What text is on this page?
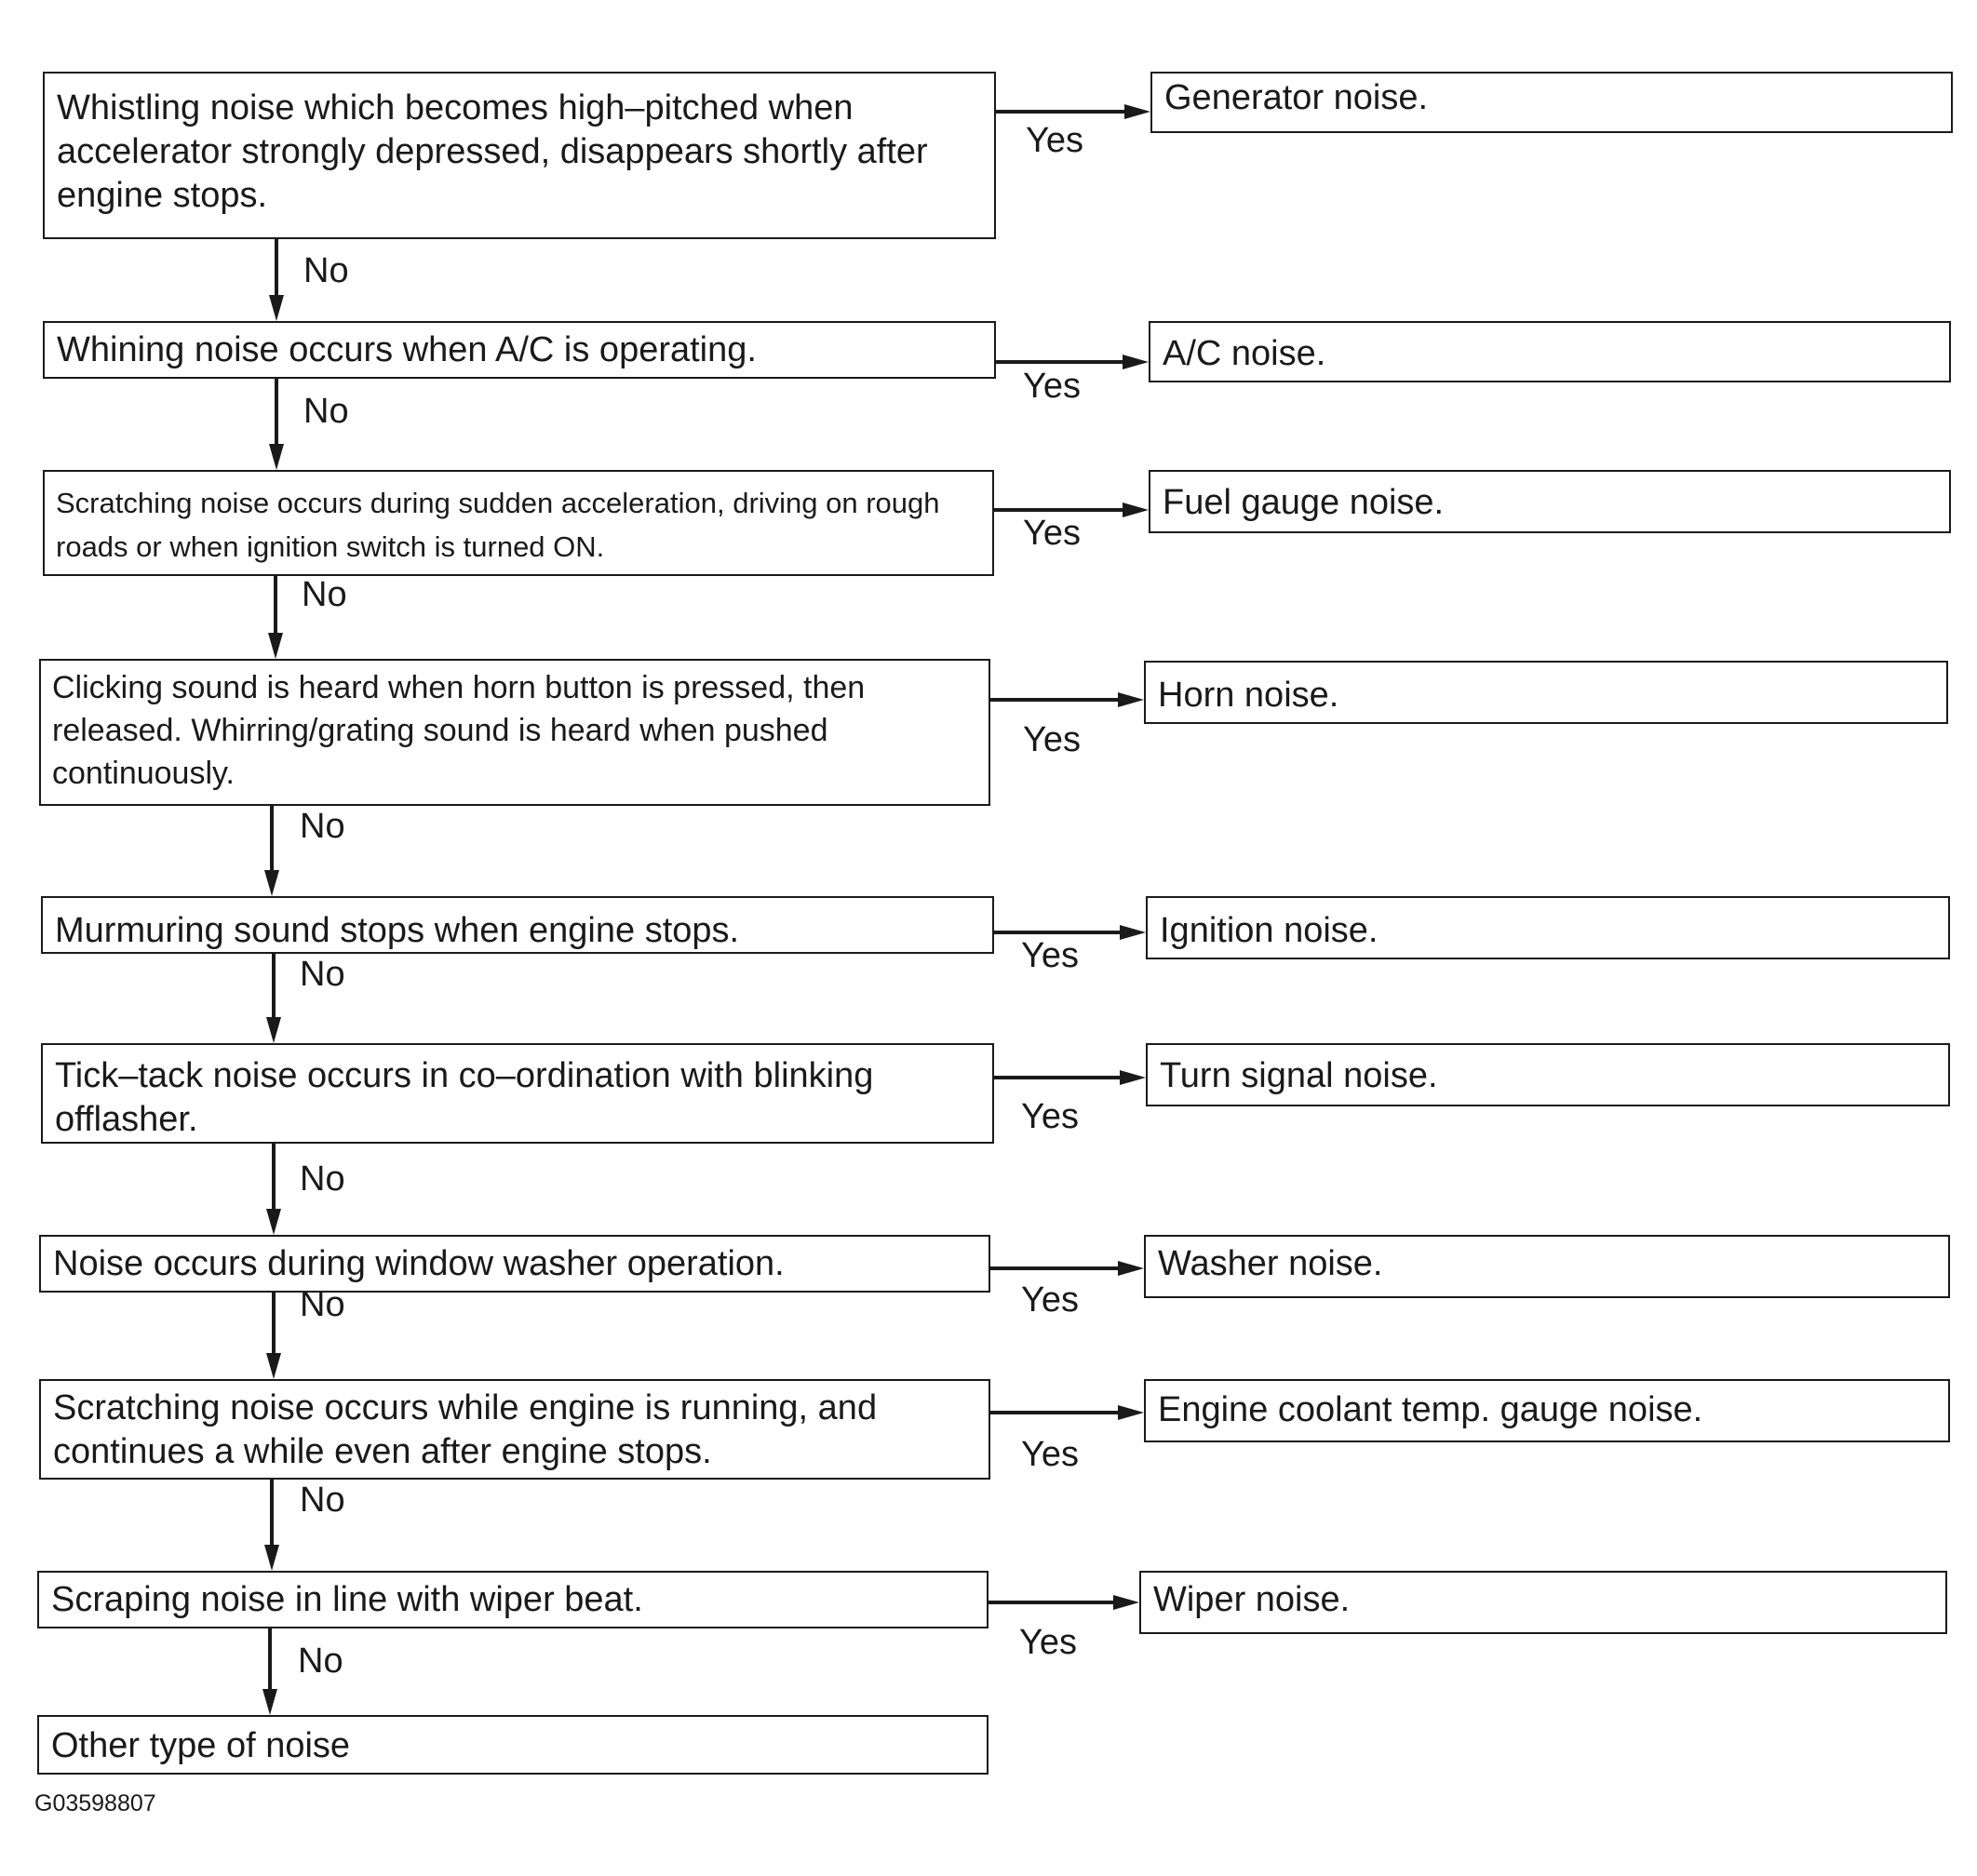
Whistling noise which becomes high–pitched when accelerator strongly depressed, disappears shortly after engine stops.
Whining noise occurs when A/C is operating.
Scratching noise occurs during sudden acceleration, driving on rough roads or when ignition switch is turned ON.
Clicking sound is heard when horn button is pressed, then released. Whirring/grating sound is heard when pushed continuously.
Murmuring sound stops when engine stops.
Tick–tack noise occurs in co–ordination with blinking offlasher.
Noise occurs during window washer operation.
Scratching noise occurs while engine is running, and continues a while even after engine stops.
Scraping noise in line with wiper beat.
Other type of noise
Generator noise.
A/C noise.
Fuel gauge noise.
Horn noise.
Ignition noise.
Turn signal noise.
Washer noise.
Engine coolant temp. gauge noise.
Wiper noise.
Yes
Yes
Yes
Yes
Yes
Yes
Yes
Yes
Yes
No
No
No
No
No
No
No
No
No
G03598807
